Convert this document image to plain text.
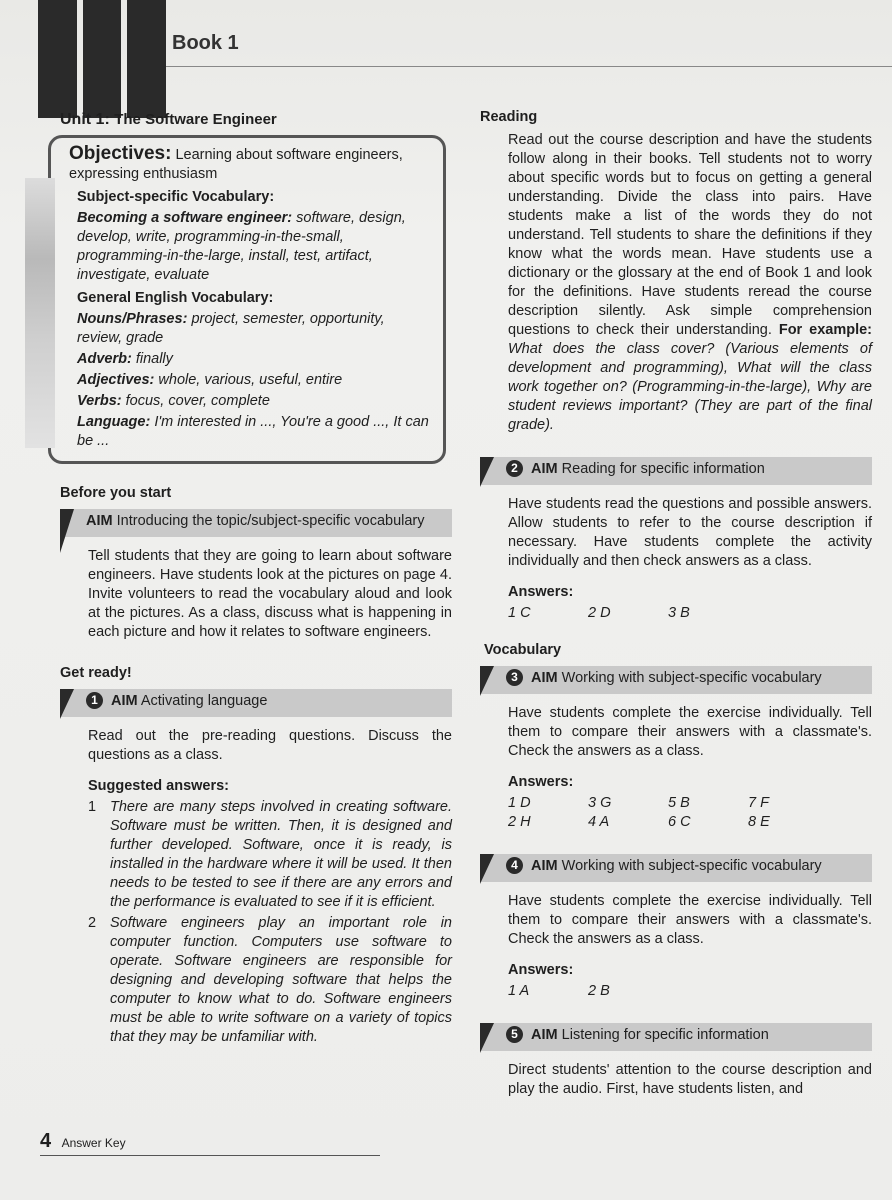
Book 1
Unit 1: The Software Engineer
Objectives: Learning about software engineers, expressing enthusiasm
Subject-specific Vocabulary:
Becoming a software engineer: software, design, develop, write, programming-in-the-small, programming-in-the-large, install, test, artifact, investigate, evaluate
General English Vocabulary:
Nouns/Phrases: project, semester, opportunity, review, grade
Adverb: finally
Adjectives: whole, various, useful, entire
Verbs: focus, cover, complete
Language: I'm interested in ..., You're a good ..., It can be ...
Before you start
AIM Introducing the topic/subject-specific vocabulary
Tell students that they are going to learn about software engineers. Have students look at the pictures on page 4. Invite volunteers to read the vocabulary aloud and look at the pictures. As a class, discuss what is happening in each picture and how it relates to software engineers.
Get ready!
1 AIM Activating language
Read out the pre-reading questions. Discuss the questions as a class.
Suggested answers:
1 There are many steps involved in creating software. Software must be written. Then, it is designed and further developed. Software, once it is ready, is installed in the hardware where it will be used. It then needs to be tested to see if there are any errors and the performance is evaluated to see if it is efficient.
2 Software engineers play an important role in computer function. Computers use software to operate. Software engineers are responsible for designing and developing software that helps the computer to know what to do. Software engineers must be able to write software on a variety of topics that they may be unfamiliar with.
Reading
Read out the course description and have the students follow along in their books. Tell students not to worry about specific words but to focus on getting a general understanding. Divide the class into pairs. Have students make a list of the words they do not understand. Tell students to share the definitions if they know what the words mean. Have students use a dictionary or the glossary at the end of Book 1 and look for the definitions. Have students reread the course description silently. Ask simple comprehension questions to check their understanding. For example: What does the class cover? (Various elements of development and programming), What will the class work together on? (Programming-in-the-large), Why are student reviews important? (They are part of the final grade).
2 AIM Reading for specific information
Have students read the questions and possible answers. Allow students to refer to the course description if necessary. Have students complete the activity individually and then check answers as a class.
Answers:
1 C	2 D	3 B
Vocabulary
3 AIM Working with subject-specific vocabulary
Have students complete the exercise individually. Tell them to compare their answers with a classmate's. Check the answers as a class.
Answers:
1 D	3 G	5 B	7 F
2 H	4 A	6 C	8 E
4 AIM Working with subject-specific vocabulary
Have students complete the exercise individually. Tell them to compare their answers with a classmate's. Check the answers as a class.
Answers:
1 A	2 B
5 AIM Listening for specific information
Direct students' attention to the course description and play the audio. First, have students listen, and
4 Answer Key
